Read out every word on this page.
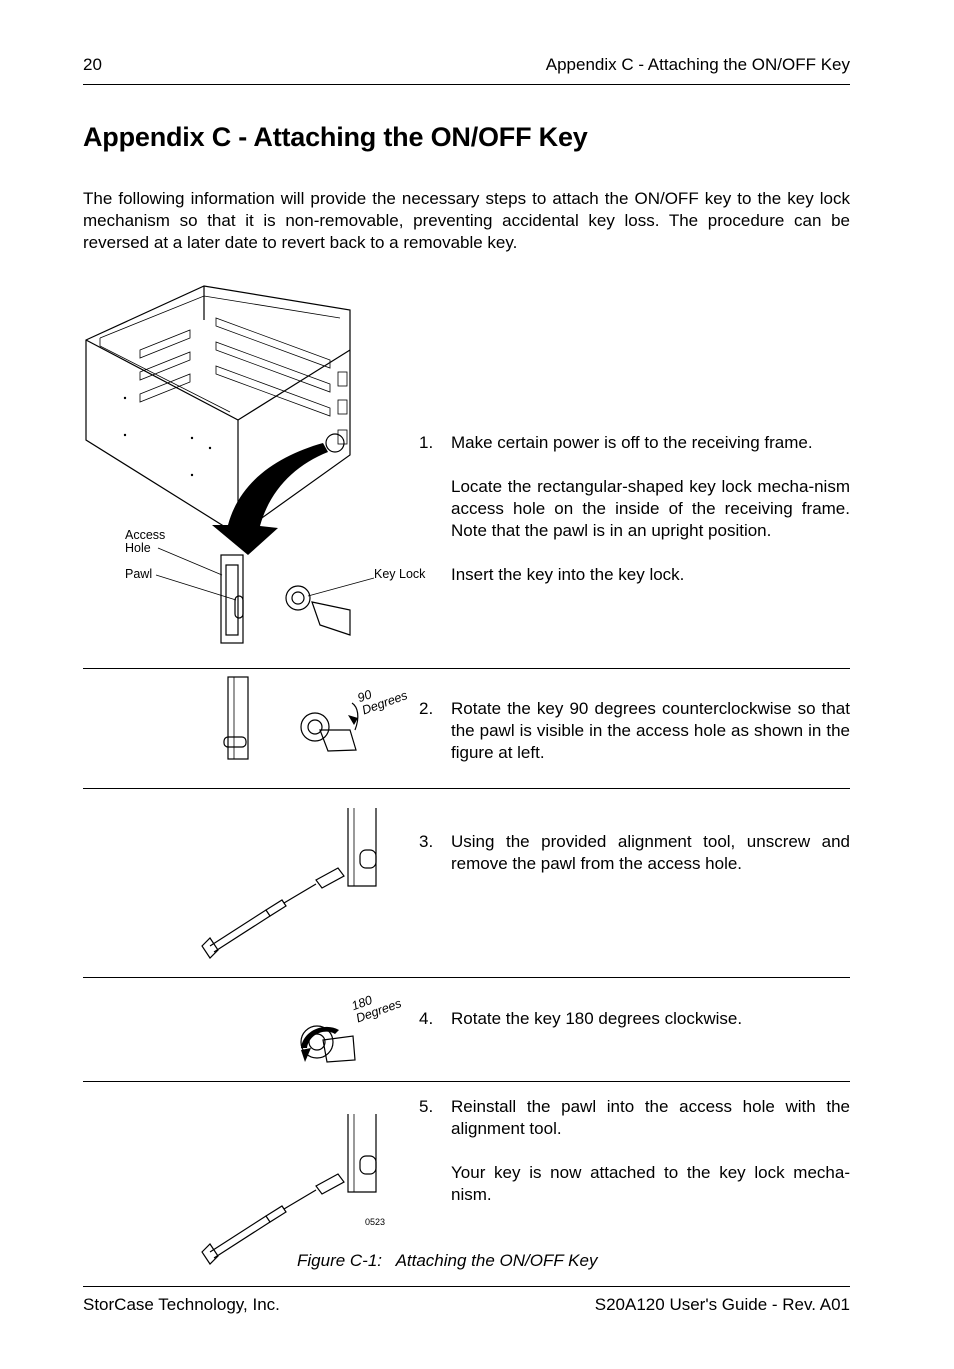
20	Appendix C - Attaching the ON/OFF Key
Appendix C - Attaching the ON/OFF Key
The following information will provide the necessary steps to attach the ON/OFF key to the key lock mechanism so that it is non-removable, preventing accidental key loss. The procedure can be reversed at a later date to revert back to a removable key.
Access Hole
Pawl	Key Lock
1. Make certain power is off to the receiving frame.

Locate the rectangular-shaped key lock mecha-nism access hole on the inside of the receiving frame. Note that the pawl is in an upright position.

Insert the key into the key lock.

90 Degrees 2. Rotate the key 90 degrees counterclockwise so that the pawl is visible in the access hole as shown in the figure at left.

3. Using the provided alignment tool, unscrew and remove the pawl from the access hole.

180 Degrees 4. Rotate the key 180 degrees clockwise.

0523
5. Reinstall the pawl into the access hole with the alignment tool.

Your key is now attached to the key lock mecha-nism.

Figure C-1:   Attaching the ON/OFF Key
StorCase Technology, Inc.	S20A120 User's Guide - Rev. A01
